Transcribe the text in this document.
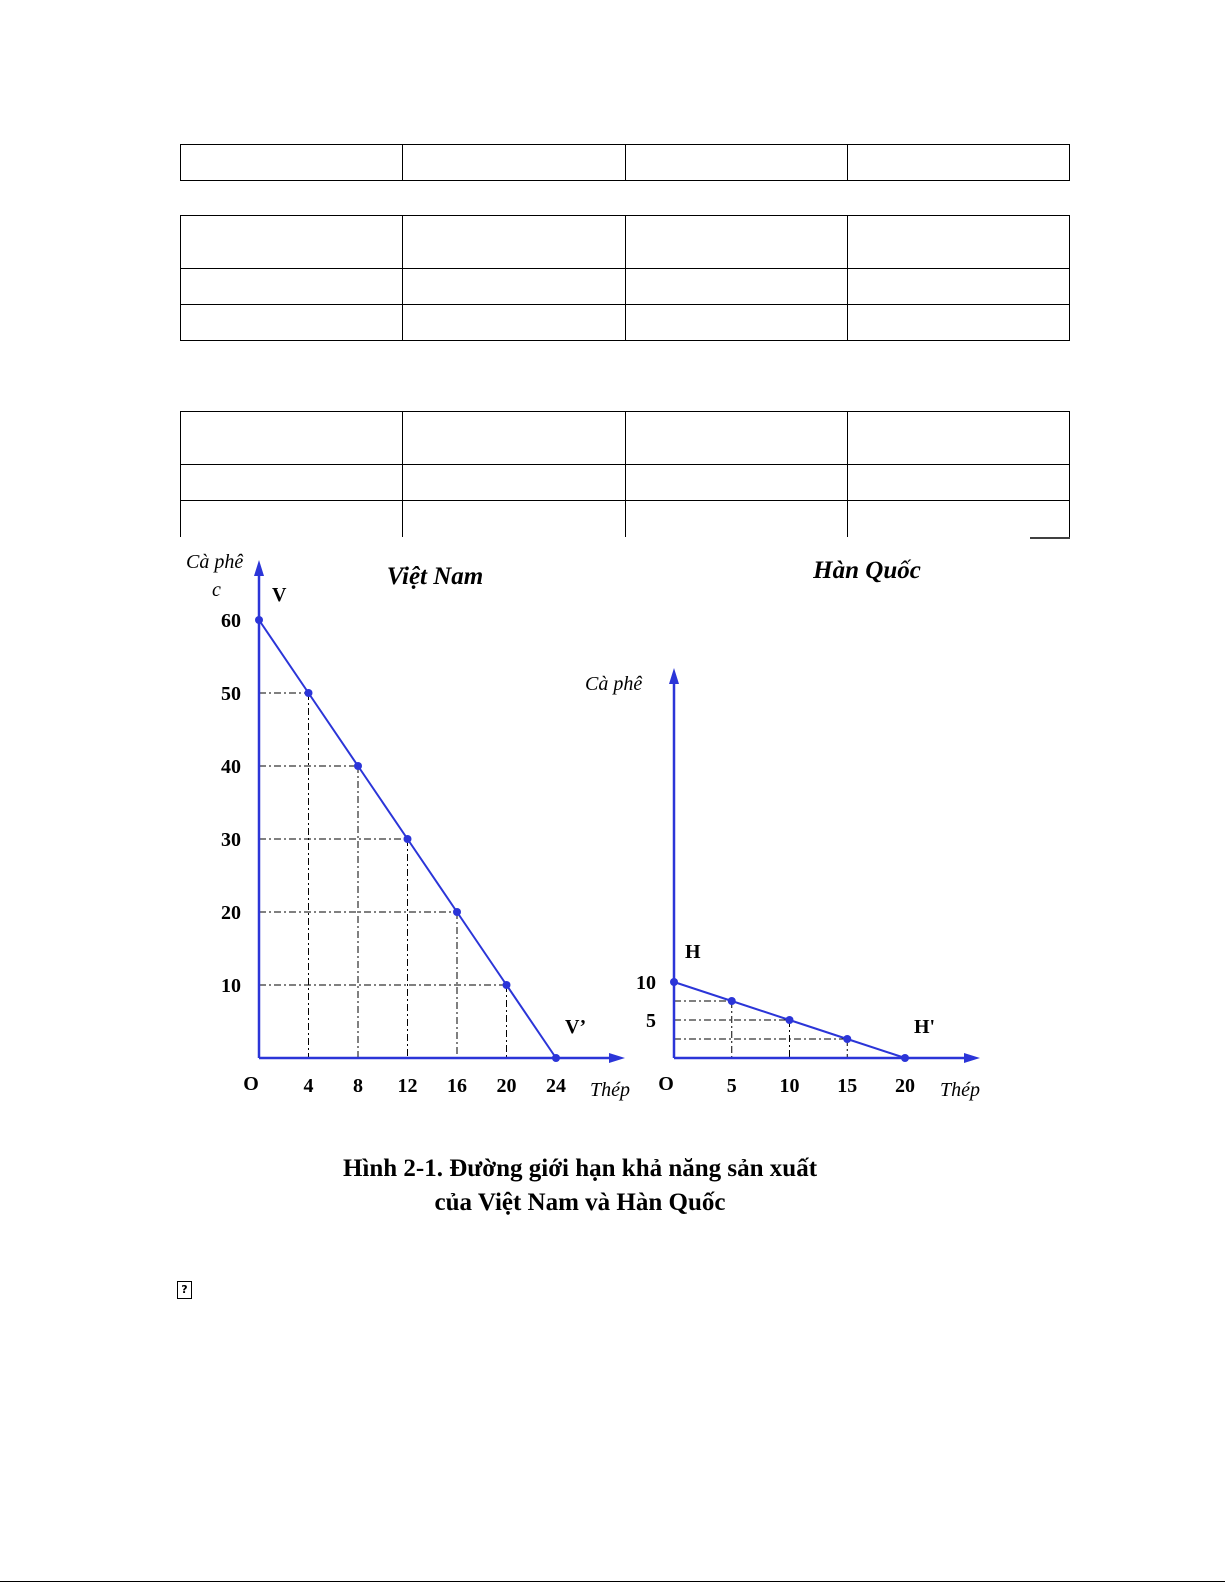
4 8 12 16 20 24
10
20
30
40
50
60
O
V
V’
Thép
Cà phê
c	Việt Nam
5 10 15 20
5
10
O
H
H'
Thép
Cà phê
Hàn Quốc
Hình 2-1. Đường giới hạn khả năng sản xuất
của Việt Nam và Hàn Quốc
?
